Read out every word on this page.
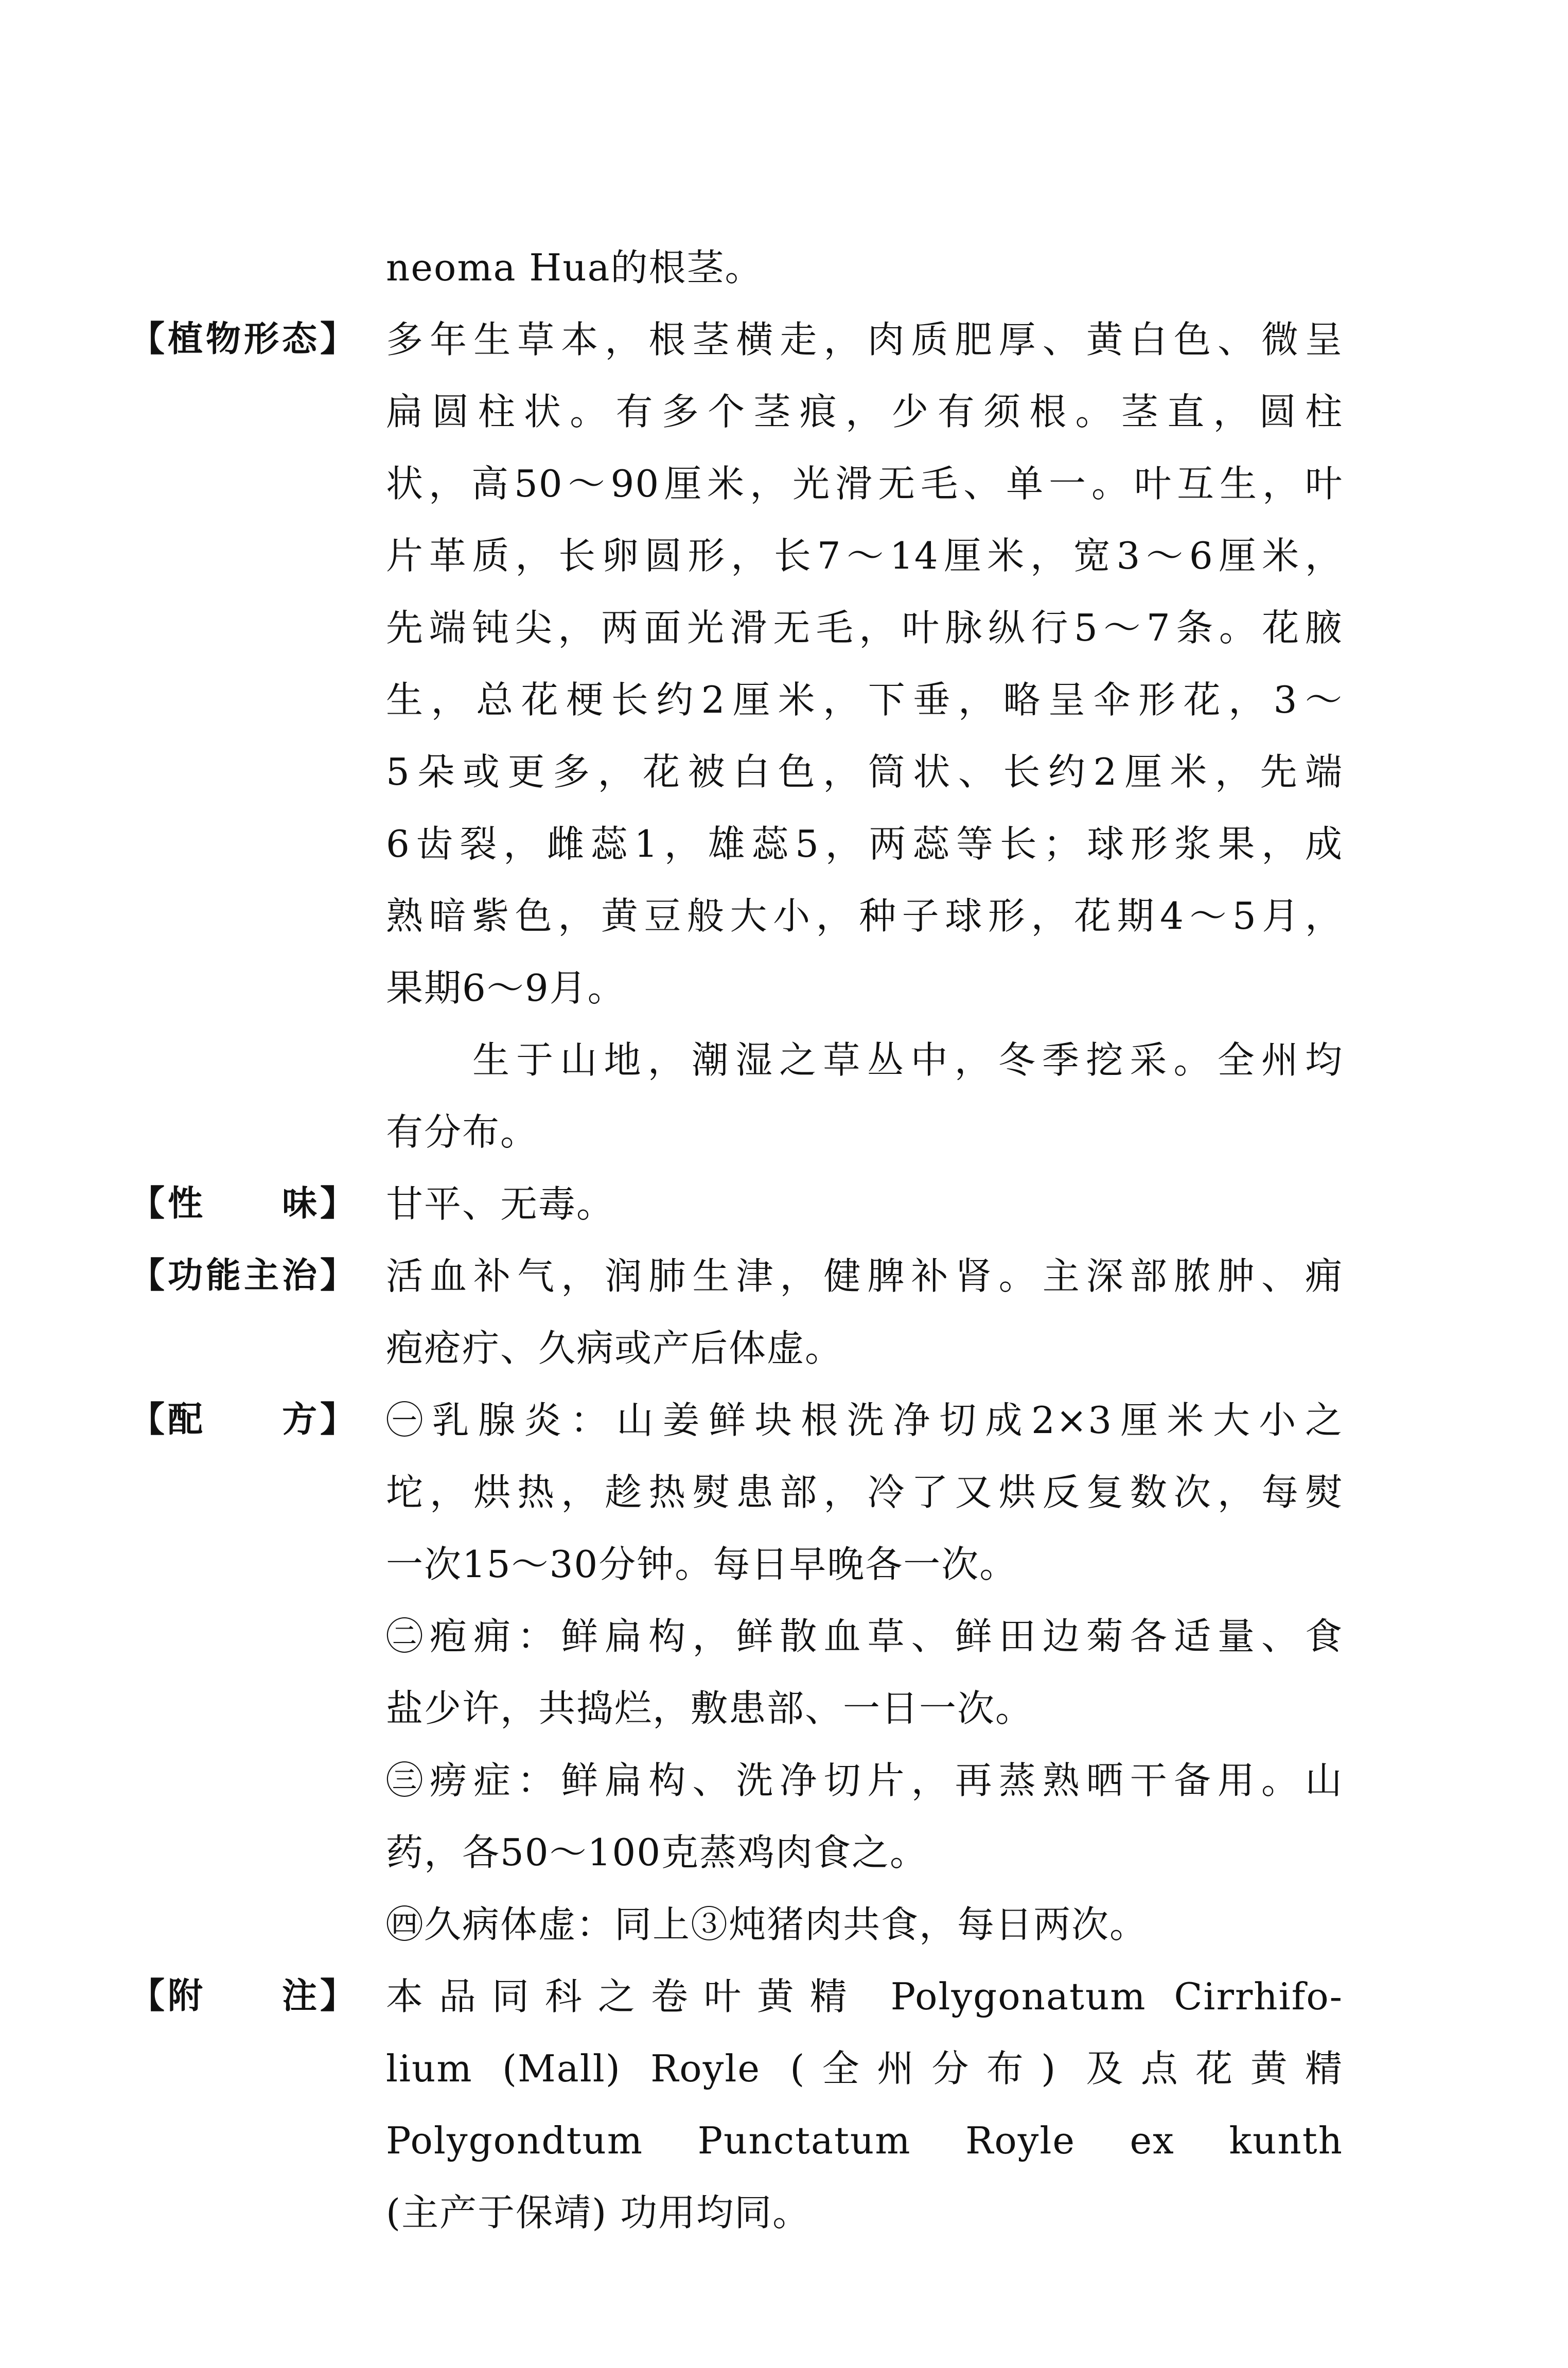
neoma Hua的根茎。
【植物形态】 多年生草本，根茎横走，肉质肥厚、黄白色、微呈
扁圆柱状。有多个茎痕，少有须根。茎直，圆柱
状，高50～90厘米，光滑无毛、单一。叶互生，叶
片革质，长卵圆形，长7～14厘米，宽3～6厘米，
先端钝尖，两面光滑无毛，叶脉纵行5～7条。花腋
生，总花梗长约2厘米，下垂，略呈伞形花，3～
5朵或更多，花被白色，筒状、长约2厘米，先端
6齿裂，雌蕊1，雄蕊5，两蕊等长；球形浆果，成
熟暗紫色，黄豆般大小，种子球形，花期4～5月，
果期6～9月。
生于山地，潮湿之草丛中，冬季挖采。全州均
有分布。
【性　　味】 甘平、无毒。
【功能主治】 活血补气，润肺生津，健脾补肾。主深部脓肿、痈
疱疮疔、久病或产后体虚。
【配　　方】 ㊀乳腺炎：山姜鲜块根洗净切成2×3厘米大小之
坨，烘热，趁热熨患部，冷了又烘反复数次，每熨
一次15～30分钟。每日早晚各一次。
㊁疱痈：鲜扁构，鲜散血草、鲜田边菊各适量、食
盐少许，共捣烂，敷患部、一日一次。
㊂痨症：鲜扁构、洗净切片，再蒸熟晒干备用。山
药，各50～100克蒸鸡肉食之。
㊃久病体虚：同上③炖猪肉共食，每日两次。
【附　　注】 本品同科之卷叶黄精 Polygonatum Cirrhifo-
lium (Mall) Royle (全州分布) 及点花黄精
Polygondtum Punctatum Royle ex kunth
(主产于保靖) 功用均同。
